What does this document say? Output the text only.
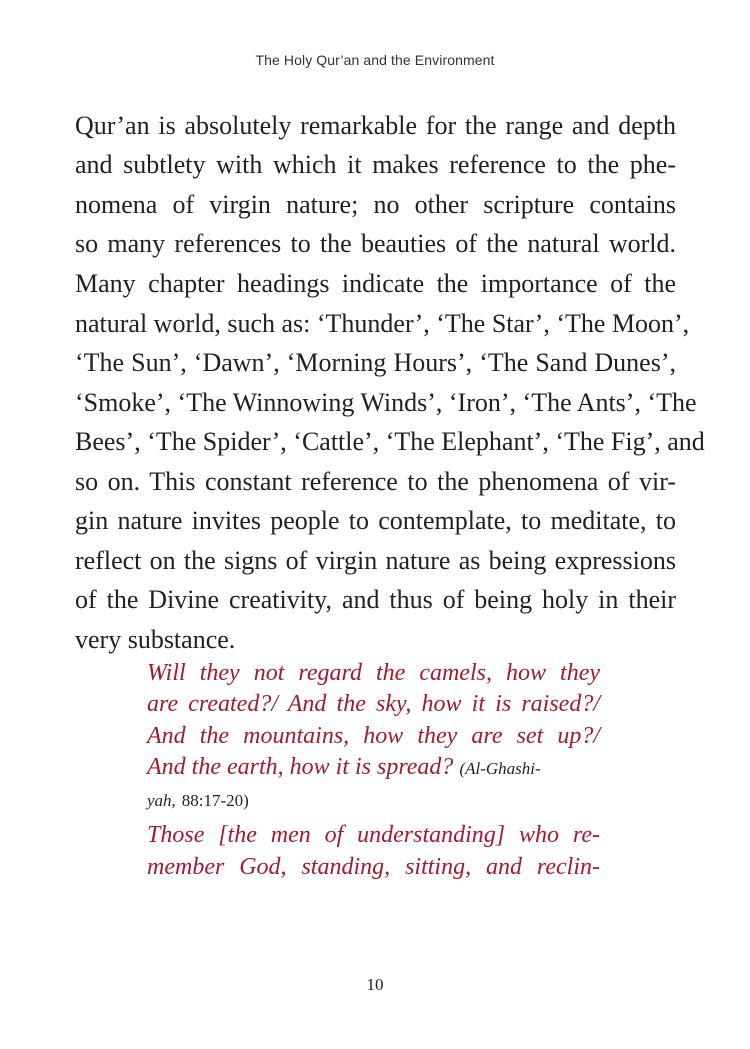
The Holy Qur’an and the Environment
Qur’an is absolutely remarkable for the range and depth
and subtlety with which it makes reference to the phe-
nomena of virgin nature; no other scripture contains
so many references to the beauties of the natural world.
Many chapter headings indicate the importance of the
natural world, such as: ‘Thunder’, ‘The Star’, ‘The Moon’,
‘The Sun’, ‘Dawn’, ‘Morning Hours’, ‘The Sand Dunes’,
‘Smoke’, ‘The Winnowing Winds’, ‘Iron’, ‘The Ants’, ‘The
Bees’, ‘The Spider’, ‘Cattle’, ‘The Elephant’, ‘The Fig’, and
so on. This constant reference to the phenomena of vir-
gin nature invites people to contemplate, to meditate, to
reflect on the signs of virgin nature as being expressions
of the Divine creativity, and thus of being holy in their
very substance.
Will they not regard the camels, how they
are created?/ And the sky, how it is raised?/
And the mountains, how they are set up?/
And the earth, how it is spread? (Al-Ghashi-
yah, 88:17-20)
Those [the men of understanding] who re-
member God, standing, sitting, and reclin-
10
